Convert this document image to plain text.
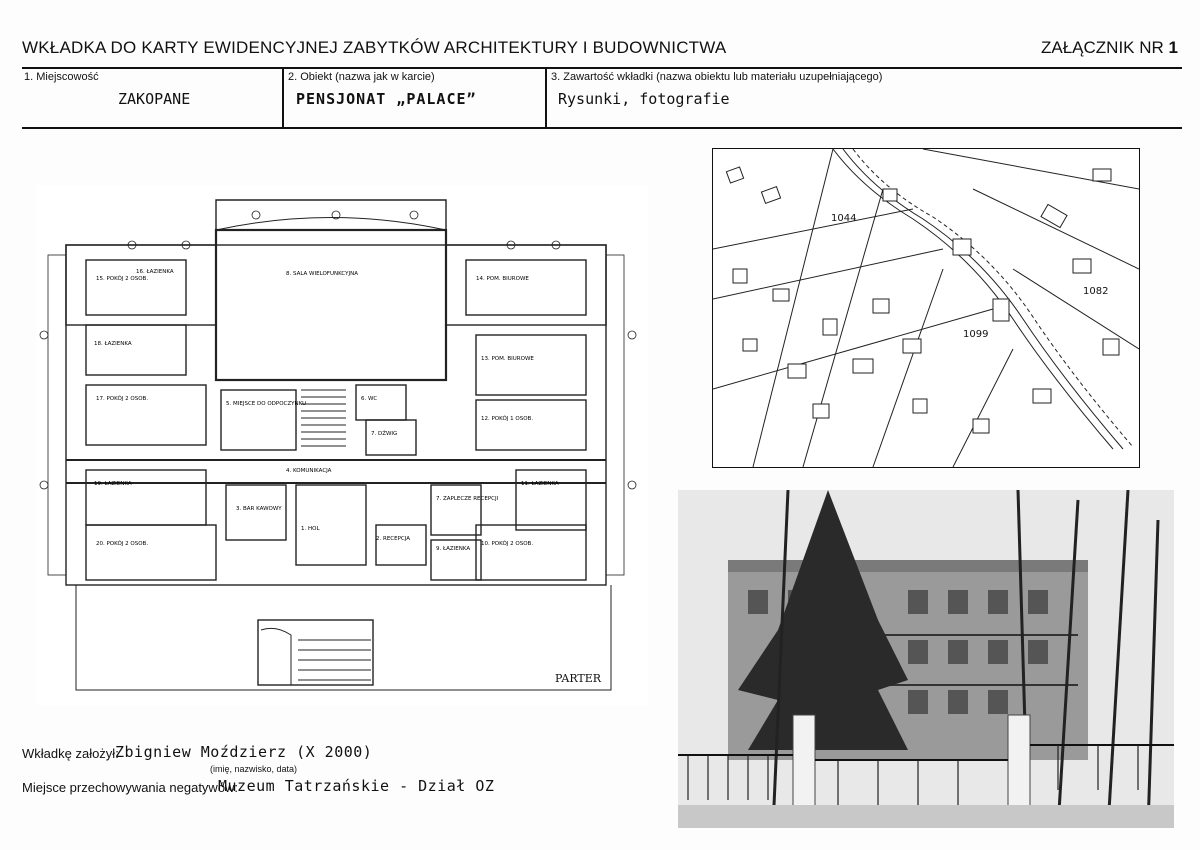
WKŁADKA DO KARTY EWIDENCYJNEJ ZABYTKÓW ARCHITEKTURY I BUDOWNICTWA	ZAŁĄCZNIK NR 1
1. Miejscowość
ZAKOPANE
2. Obiekt (nazwa jak w karcie)
PENSJONAT „PALACE”
3. Zawartość wkładki (nazwa obiektu lub materiału uzupełniającego)
Rysunki, fotografie
15. POKÓJ 2 OSOB.
16. ŁAZIENKA	8. SALA WIELOFUNKCYJNA
14. POM. BIUROWE
18. ŁAZIENKA
17. POKÓJ 2 OSOB.
5. MIEJSCE DO ODPOCZYNKU
6. WC
7. DŻWIG
13. POM. BIUROWE
12. POKÓJ 1 OSOB.
4. KOMUNIKACJA
19. ŁAZIENKA	11. ŁAZIENKA
20. POKÓJ 2 OSOB.
3. BAR KAWOWY
1. HOL
2. RECEPCJA
9. ŁAZIENKA
7. ZAPLECZE RECEPCJI
10. POKÓJ 2 OSOB.
PARTER
1044
1082
1099
Wkładkę założył:
Zbigniew Moździerz (X 2000)
(imię, nazwisko, data)
Miejsce przechowywania negatywów:
Muzeum Tatrzańskie - Dział OZ
